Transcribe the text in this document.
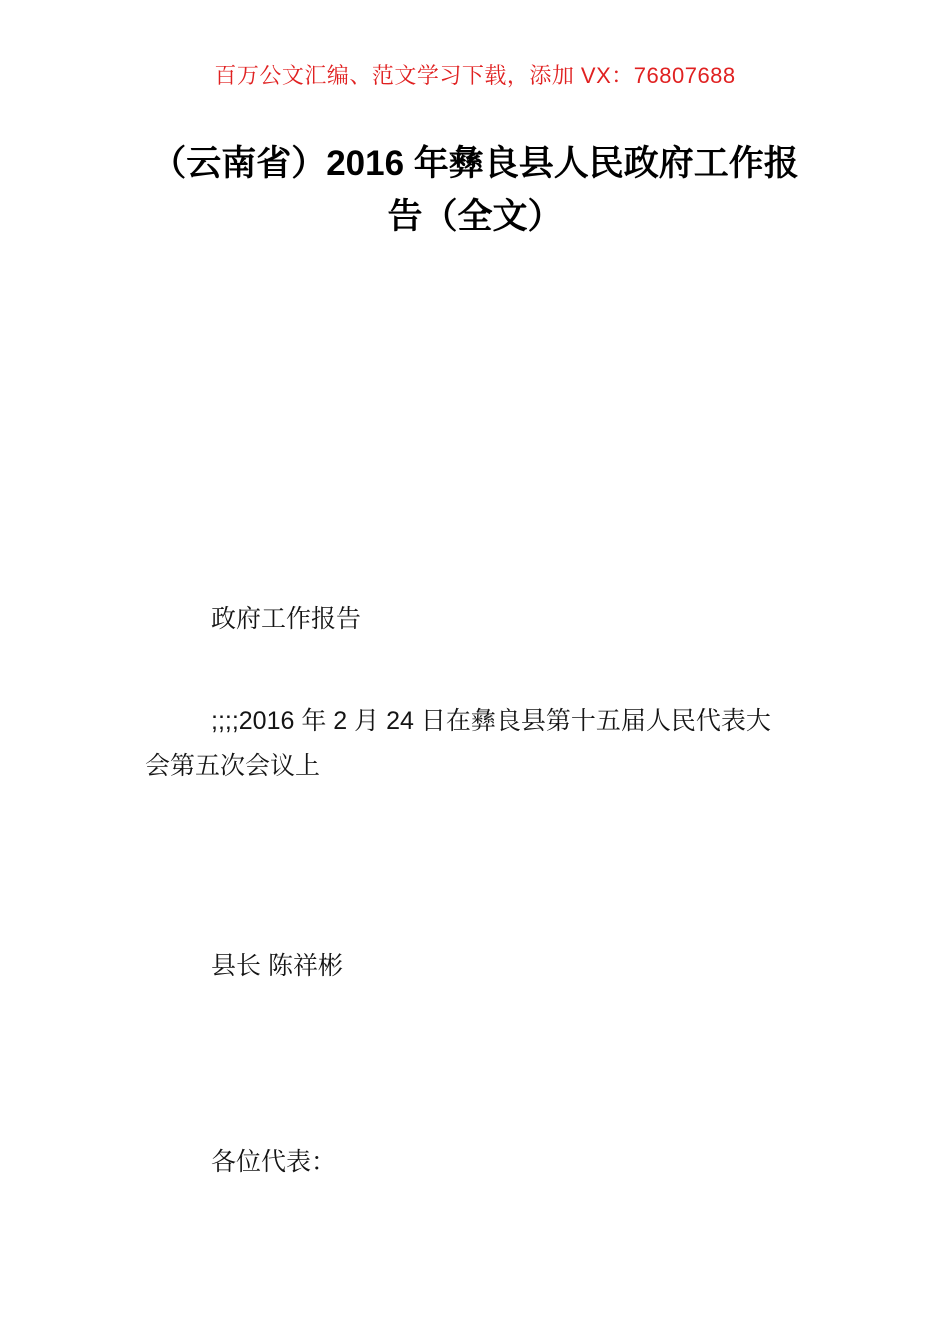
百万公文汇编、范文学习下载，添加 VX：76807688
（云南省）2016 年彝良县人民政府工作报
告（全文）
政府工作报告
;;;;2016 年 2 月 24 日在彝良县第十五届人民代表大
会第五次会议上
县长 陈祥彬
各位代表：
